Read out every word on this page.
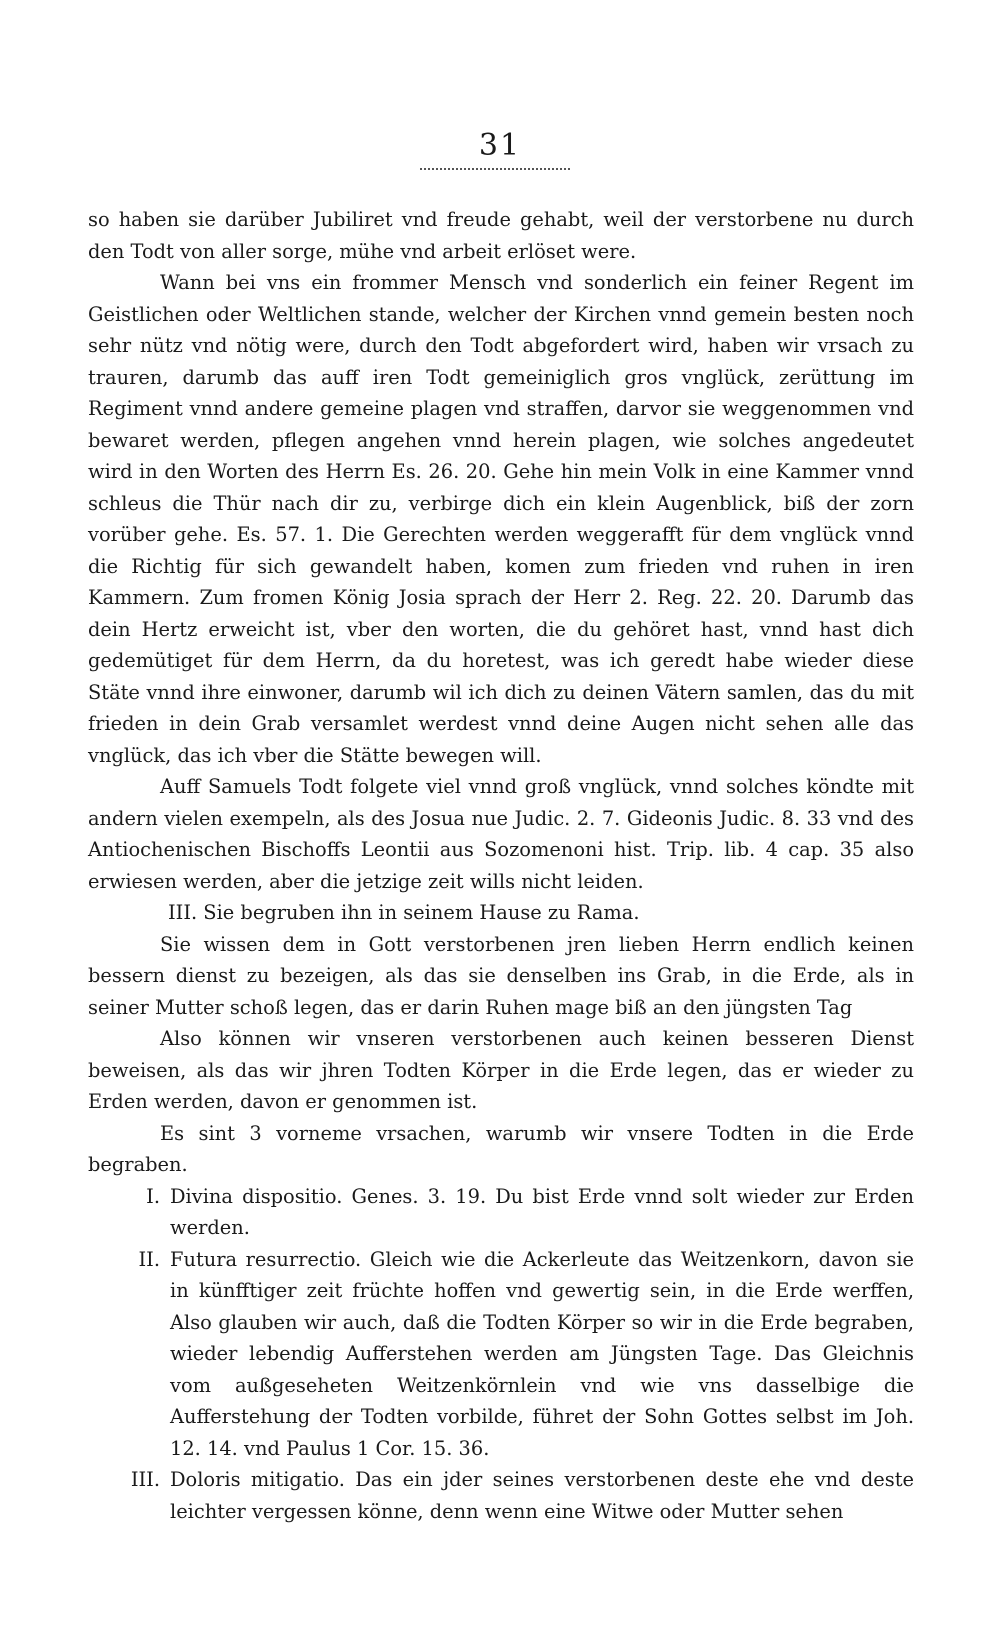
31

so haben sie darüber Jubiliret vnd freude gehabt, weil der verstorbene nu durch den Todt von aller sorge, mühe vnd arbeit erlöset were.

Wann bei vns ein frommer Mensch vnd sonderlich ein feiner Regent im Geistlichen oder Weltlichen stande, welcher der Kirchen vnnd gemein besten noch sehr nütz vnd nötig were, durch den Todt abgefordert wird, haben wir vrsach zu trauren, darumb das auff iren Todt gemeiniglich gros vnglück, zerüttung im Regiment vnnd andere gemeine plagen vnd straffen, darvor sie weggenommen vnd bewaret werden, pflegen angehen vnnd herein plagen, wie solches angedeutet wird in den Worten des Herrn Es. 26. 20. Gehe hin mein Volk in eine Kammer vnnd schleus die Thür nach dir zu, verbirge dich ein klein Augenblick, biß der zorn vorüber gehe. Es. 57. 1. Die Gerechten werden weggerafft für dem vnglück vnnd die Richtig für sich gewandelt haben, komen zum frieden vnd ruhen in iren Kammern. Zum fromen König Josia sprach der Herr 2. Reg. 22. 20. Darumb das dein Hertz erweicht ist, vber den worten, die du gehöret hast, vnnd hast dich gedemütiget für dem Herrn, da du horetest, was ich geredt habe wieder diese Stäte vnnd ihre einwoner, darumb wil ich dich zu deinen Vätern samlen, das du mit frieden in dein Grab versamlet werdest vnnd deine Augen nicht sehen alle das vnglück, das ich vber die Stätte bewegen will.

Auff Samuels Todt folgete viel vnnd groß vnglück, vnnd solches köndte mit andern vielen exempeln, als des Josua nue Judic. 2. 7. Gideonis Judic. 8. 33 vnd des Antiochenischen Bischoffs Leontii aus Sozomenoni hist. Trip. lib. 4 cap. 35 also erwiesen werden, aber die jetzige zeit wills nicht leiden.

III. Sie begruben ihn in seinem Hause zu Rama.

Sie wissen dem in Gott verstorbenen jren lieben Herrn endlich keinen bessern dienst zu bezeigen, als das sie denselben ins Grab, in die Erde, als in seiner Mutter schoß legen, das er darin Ruhen mage biß an den jüngsten Tag

Also können wir vnseren verstorbenen auch keinen besseren Dienst beweisen, als das wir jhren Todten Körper in die Erde legen, das er wieder zu Erden werden, davon er genommen ist.

Es sint 3 vorneme vrsachen, warumb wir vnsere Todten in die Erde begraben.

I. Divina dispositio. Genes. 3. 19. Du bist Erde vnnd solt wieder zur Erden werden.
II. Futura resurrectio. Gleich wie die Ackerleute das Weitzenkorn, davon sie in künfftiger zeit früchte hoffen vnd gewertig sein, in die Erde werffen, Also glauben wir auch, daß die Todten Körper so wir in die Erde begraben, wieder lebendig Aufferstehen werden am Jüngsten Tage. Das Gleichnis vom außgeseheten Weitzenkörnlein vnd wie vns dasselbige die Aufferstehung der Todten vorbilde, führet der Sohn Gottes selbst im Joh. 12. 14. vnd Paulus 1 Cor. 15. 36.
III. Doloris mitigatio. Das ein jder seines verstorbenen deste ehe vnd deste leichter vergessen könne, denn wenn eine Witwe oder Mutter sehen
